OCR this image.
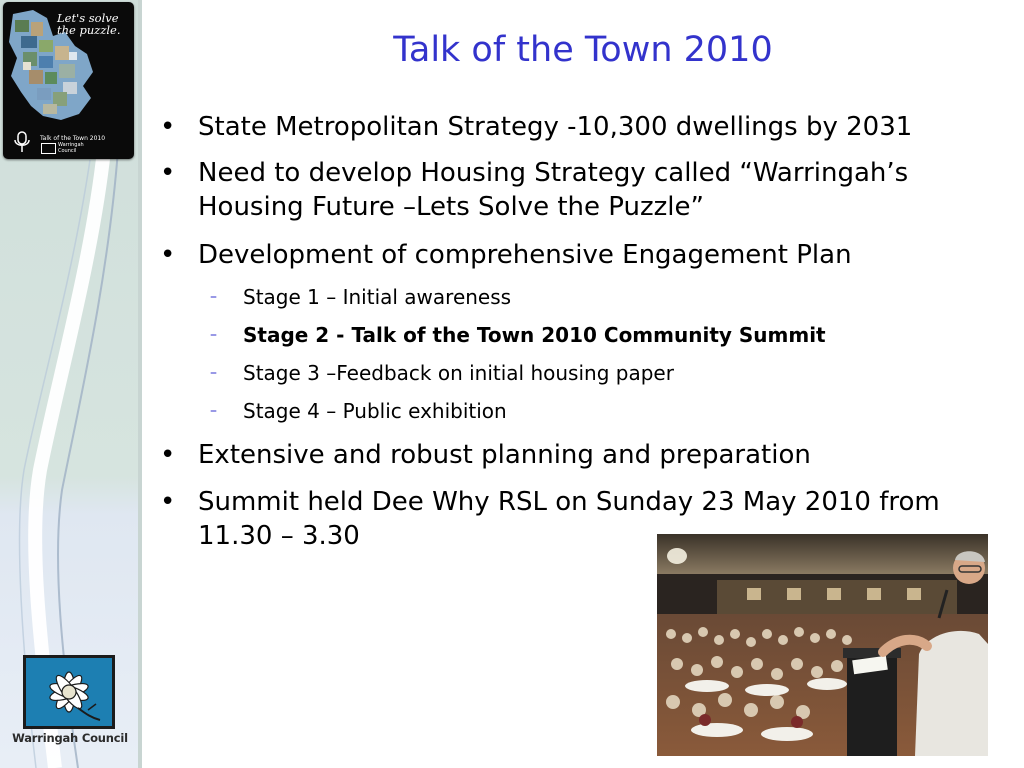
Let's solve the puzzle.
Talk of the Town 2010
Warringah Council
Warringah Council
Talk of the Town 2010
• State Metropolitan Strategy -10,300 dwellings by 2031
• Need to develop Housing Strategy called “Warringah’s Housing Future –Lets Solve the Puzzle”
• Development of comprehensive Engagement Plan
– Stage 1 – Initial awareness
– Stage 2 - Talk of the Town 2010 Community Summit
– Stage 3 –Feedback on initial housing paper
– Stage 4 – Public exhibition
• Extensive and robust planning and preparation
• Summit held Dee Why RSL on Sunday 23 May 2010 from 11.30 – 3.30
